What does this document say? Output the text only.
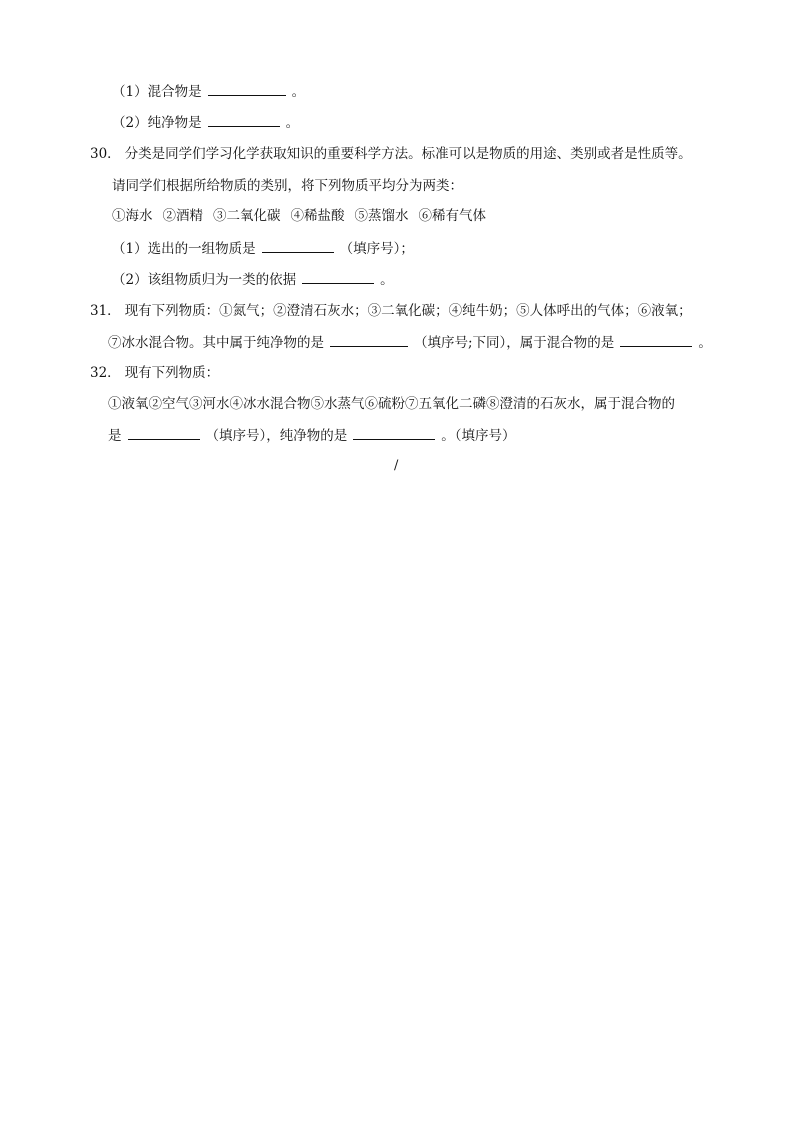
（1）混合物是	。
（2）纯净物是	。
30． 分类是同学们学习化学获取知识的重要科学方法。标准可以是物质的用途、类别或者是性质等。
请同学们根据所给物质的类别，将下列物质平均分为两类：
①海水 ②酒精 ③二氧化碳 ④稀盐酸 ⑤蒸馏水 ⑥稀有气体
（1）选出的一组物质是	（填序号）；
（2）该组物质归为一类的依据	。
31． 现有下列物质：①氮气；②澄清石灰水；③二氧化碳；④纯牛奶；⑤人体呼出的气体；⑥液氧；
⑦冰水混合物。其中属于纯净物的是	（填序号;下同），属于混合物的是	。
32． 现有下列物质：
①液氧②空气③河水④冰水混合物⑤水蒸气⑥硫粉⑦五氧化二磷⑧澄清的石灰水，属于混合物的
是	（填序号），纯净物的是	。（填序号）
/
